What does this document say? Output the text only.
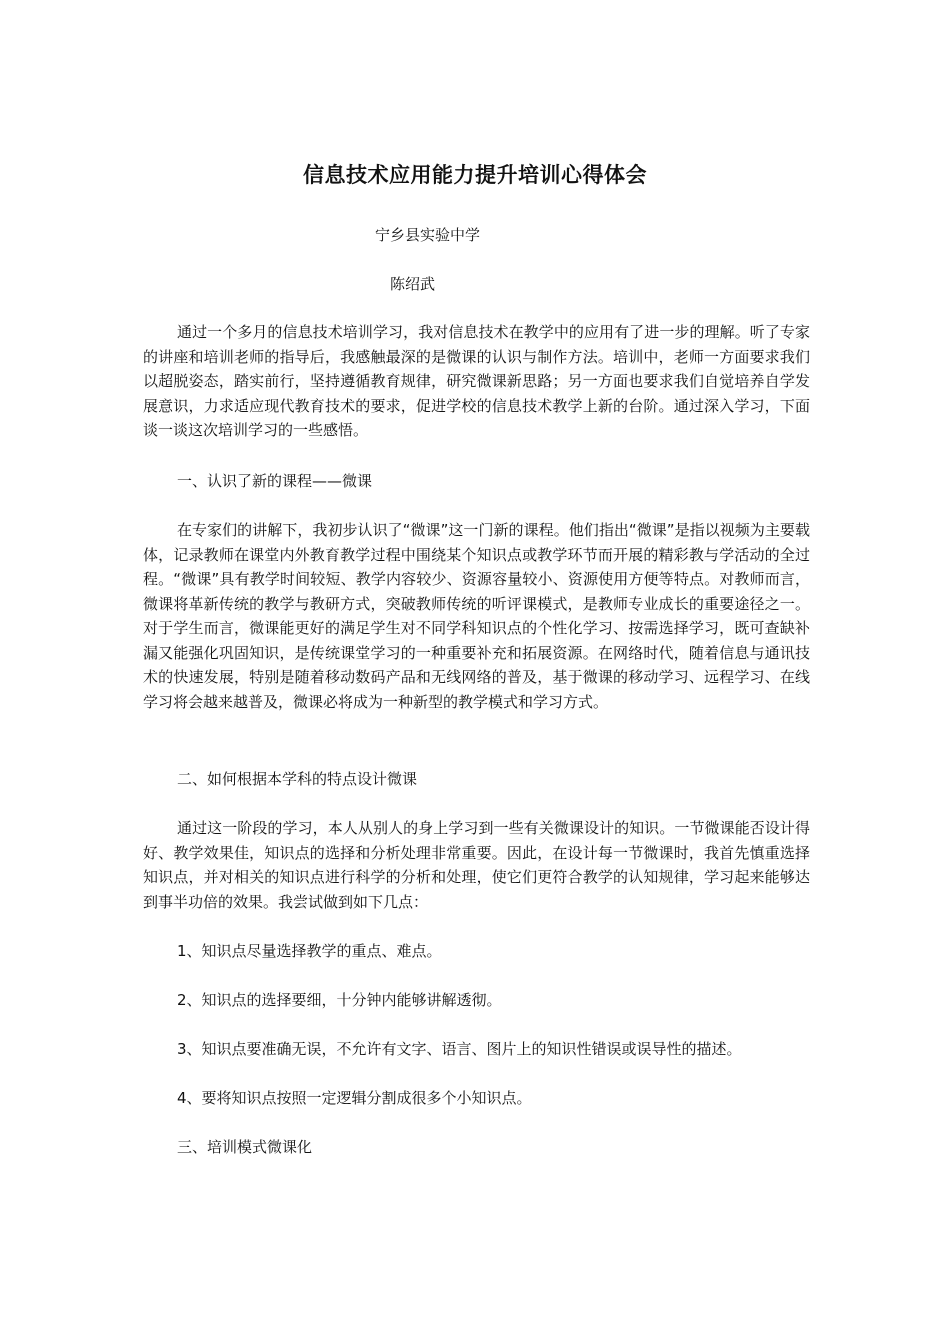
信息技术应用能力提升培训心得体会

宁乡县实验中学

陈绍武

通过一个多月的信息技术培训学习，我对信息技术在教学中的应用有了进一步的理解。听了专家的讲座和培训老师的指导后，我感触最深的是微课的认识与制作方法。培训中，老师一方面要求我们以超脱姿态，踏实前行，坚持遵循教育规律，研究微课新思路；另一方面也要求我们自觉培养自学发展意识，力求适应现代教育技术的要求，促进学校的信息技术教学上新的台阶。通过深入学习，下面谈一谈这次培训学习的一些感悟。

一、认识了新的课程——微课

在专家们的讲解下，我初步认识了“微课”这一门新的课程。他们指出“微课”是指以视频为主要载体，记录教师在课堂内外教育教学过程中围绕某个知识点或教学环节而开展的精彩教与学活动的全过程。“微课”具有教学时间较短、教学内容较少、资源容量较小、资源使用方便等特点。对教师而言，微课将革新传统的教学与教研方式，突破教师传统的听评课模式，是教师专业成长的重要途径之一。对于学生而言，微课能更好的满足学生对不同学科知识点的个性化学习、按需选择学习，既可查缺补漏又能强化巩固知识，是传统课堂学习的一种重要补充和拓展资源。在网络时代，随着信息与通讯技术的快速发展，特别是随着移动数码产品和无线网络的普及，基于微课的移动学习、远程学习、在线学习将会越来越普及，微课必将成为一种新型的教学模式和学习方式。

二、如何根据本学科的特点设计微课

通过这一阶段的学习，本人从别人的身上学习到一些有关微课设计的知识。一节微课能否设计得好、教学效果佳，知识点的选择和分析处理非常重要。因此，在设计每一节微课时，我首先慎重选择知识点，并对相关的知识点进行科学的分析和处理，使它们更符合教学的认知规律，学习起来能够达到事半功倍的效果。我尝试做到如下几点：

1、知识点尽量选择教学的重点、难点。

2、知识点的选择要细，十分钟内能够讲解透彻。

3、知识点要准确无误，不允许有文字、语言、图片上的知识性错误或误导性的描述。

4、要将知识点按照一定逻辑分割成很多个小知识点。

三、培训模式微课化
